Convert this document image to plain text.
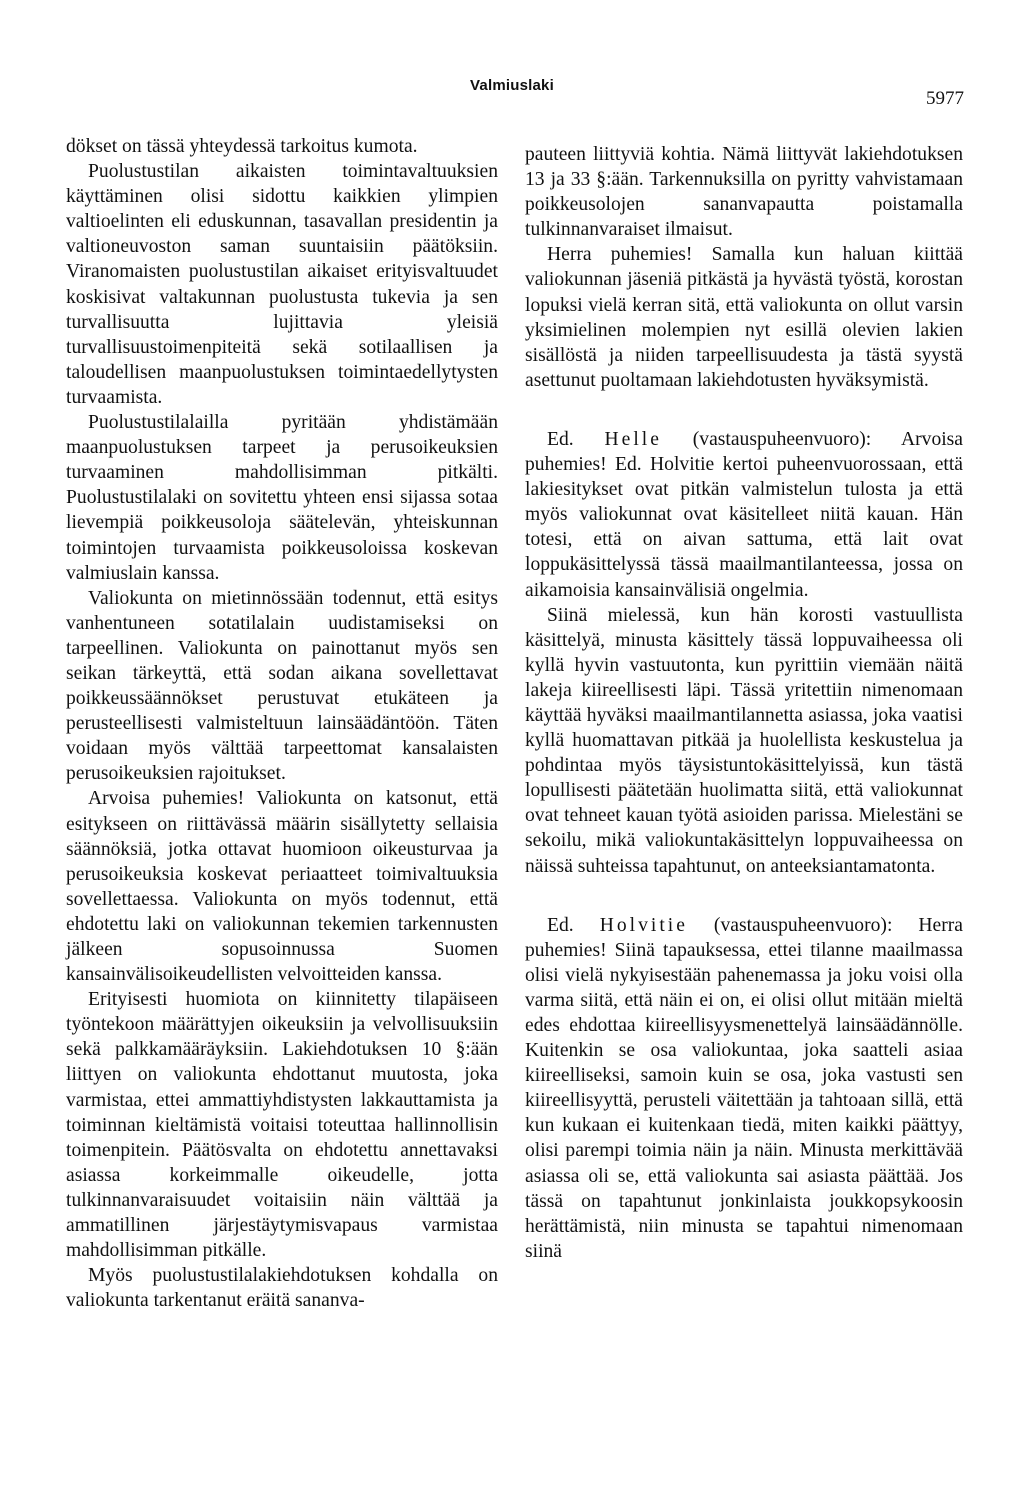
Valmiuslaki
5977

dökset on tässä yhteydessä tarkoitus kumota.

Puolustustilan aikaisten toimintavaltuuksien käyttäminen olisi sidottu kaikkien ylimpien valtioelinten eli eduskunnan, tasavallan presidentin ja valtioneuvoston saman suuntaisiin päätöksiin. Viranomaisten puolustustilan aikaiset erityisvaltuudet koskisivat valtakunnan puolustusta tukevia ja sen turvallisuutta lujittavia yleisiä turvallisuustoimenpiteitä sekä sotilaallisen ja taloudellisen maanpuolustuksen toimintaedellytysten turvaamista.

Puolustustilalailla pyritään yhdistämään maanpuolustuksen tarpeet ja perusoikeuksien turvaaminen mahdollisimman pitkälti. Puolustustilalaki on sovitettu yhteen ensi sijassa sotaa lievempiä poikkeusoloja säätelevän, yhteiskunnan toimintojen turvaamista poikkeusoloissa koskevan valmiuslain kanssa.

Valiokunta on mietinnössään todennut, että esitys vanhentuneen sotatilalain uudistamiseksi on tarpeellinen. Valiokunta on painottanut myös sen seikan tärkeyttä, että sodan aikana sovellettavat poikkeussäännökset perustuvat etukäteen ja perusteellisesti valmisteltuun lainsäädäntöön. Täten voidaan myös välttää tarpeettomat kansalaisten perusoikeuksien rajoitukset.

Arvoisa puhemies! Valiokunta on katsonut, että esitykseen on riittävässä määrin sisällytetty sellaisia säännöksiä, jotka ottavat huomioon oikeusturvaa ja perusoikeuksia koskevat periaatteet toimivaltuuksia sovellettaessa. Valiokunta on myös todennut, että ehdotettu laki on valiokunnan tekemien tarkennusten jälkeen sopusoinnussa Suomen kansainvälisoikeudellisten velvoitteiden kanssa.

Erityisesti huomiota on kiinnitetty tilapäiseen työntekoon määrättyjen oikeuksiin ja velvollisuuksiin sekä palkkamääräyksiin. Lakiehdotuksen 10 §:ään liittyen on valiokunta ehdottanut muutosta, joka varmistaa, ettei ammattiyhdistysten lakkauttamista ja toiminnan kieltämistä voitaisi toteuttaa hallinnollisin toimenpitein. Päätösvalta on ehdotettu annettavaksi asiassa korkeimmalle oikeudelle, jotta tulkinnanvaraisuudet voitaisiin näin välttää ja ammatillinen järjestäytymisvapaus varmistaa mahdollisimman pitkälle.

Myös puolustustilalakiehdotuksen kohdalla on valiokunta tarkentanut eräitä sananva-

pauteen liittyviä kohtia. Nämä liittyvät lakiehdotuksen 13 ja 33 §:ään. Tarkennuksilla on pyritty vahvistamaan poikkeusolojen sananvapautta poistamalla tulkinnanvaraiset ilmaisut.

Herra puhemies! Samalla kun haluan kiittää valiokunnan jäseniä pitkästä ja hyvästä työstä, korostan lopuksi vielä kerran sitä, että valiokunta on ollut varsin yksimielinen molempien nyt esillä olevien lakien sisällöstä ja niiden tarpeellisuudesta ja tästä syystä asettunut puoltamaan lakiehdotusten hyväksymistä.

Ed. Helle (vastauspuheenvuoro): Arvoisa puhemies! Ed. Holvitie kertoi puheenvuorossaan, että lakiesitykset ovat pitkän valmistelun tulosta ja että myös valiokunnat ovat käsitelleet niitä kauan. Hän totesi, että on aivan sattuma, että lait ovat loppukäsittelyssä tässä maailmantilanteessa, jossa on aikamoisia kansainvälisiä ongelmia.

Siinä mielessä, kun hän korosti vastuullista käsittelyä, minusta käsittely tässä loppuvaiheessa oli kyllä hyvin vastuutonta, kun pyrittiin viemään näitä lakeja kiireellisesti läpi. Tässä yritettiin nimenomaan käyttää hyväksi maailmantilannetta asiassa, joka vaatisi kyllä huomattavan pitkää ja huolellista keskustelua ja pohdintaa myös täysistuntokäsittelyissä, kun tästä lopullisesti päätetään huolimatta siitä, että valiokunnat ovat tehneet kauan työtä asioiden parissa. Mielestäni se sekoilu, mikä valiokuntakäsittelyn loppuvaiheessa on näissä suhteissa tapahtunut, on anteeksiantamatonta.

Ed. Holvitie (vastauspuheenvuoro): Herra puhemies! Siinä tapauksessa, ettei tilanne maailmassa olisi vielä nykyisestään pahenemassa ja joku voisi olla varma siitä, että näin ei on, ei olisi ollut mitään mieltä edes ehdottaa kiireellisyysmenettelyä lainsäädännölle. Kuitenkin se osa valiokuntaa, joka saatteli asiaa kiireelliseksi, samoin kuin se osa, joka vastusti sen kiireellisyyttä, perusteli väitettään ja tahtoaan sillä, että kun kukaan ei kuitenkaan tiedä, miten kaikki päättyy, olisi parempi toimia näin ja näin. Minusta merkittävää asiassa oli se, että valiokunta sai asiasta päättää. Jos tässä on tapahtunut jonkinlaista joukkopsykoosin herättämistä, niin minusta se tapahtui nimenomaan siinä
